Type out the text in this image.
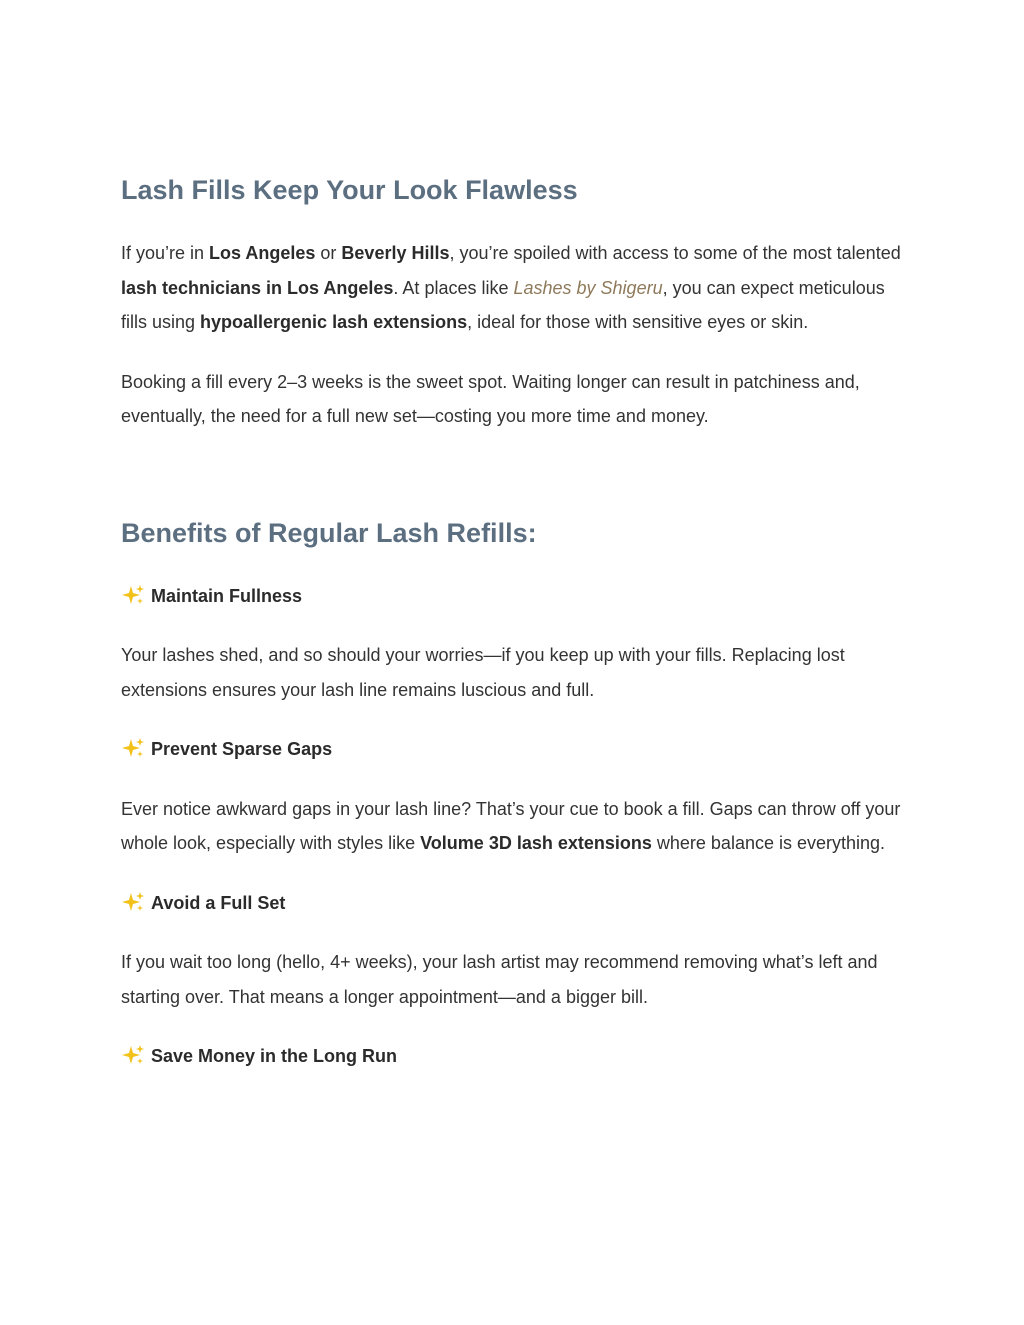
Lash Fills Keep Your Look Flawless

If you’re in Los Angeles or Beverly Hills, you’re spoiled with access to some of the most talented lash technicians in Los Angeles. At places like Lashes by Shigeru, you can expect meticulous fills using hypoallergenic lash extensions, ideal for those with sensitive eyes or skin.

Booking a fill every 2–3 weeks is the sweet spot. Waiting longer can result in patchiness and, eventually, the need for a full new set—costing you more time and money.

Benefits of Regular Lash Refills:
Maintain Fullness

Your lashes shed, and so should your worries—if you keep up with your fills. Replacing lost extensions ensures your lash line remains luscious and full.

Prevent Sparse Gaps

Ever notice awkward gaps in your lash line? That’s your cue to book a fill. Gaps can throw off your whole look, especially with styles like Volume 3D lash extensions where balance is everything.

Avoid a Full Set

If you wait too long (hello, 4+ weeks), your lash artist may recommend removing what’s left and starting over. That means a longer appointment—and a bigger bill.

Save Money in the Long Run
